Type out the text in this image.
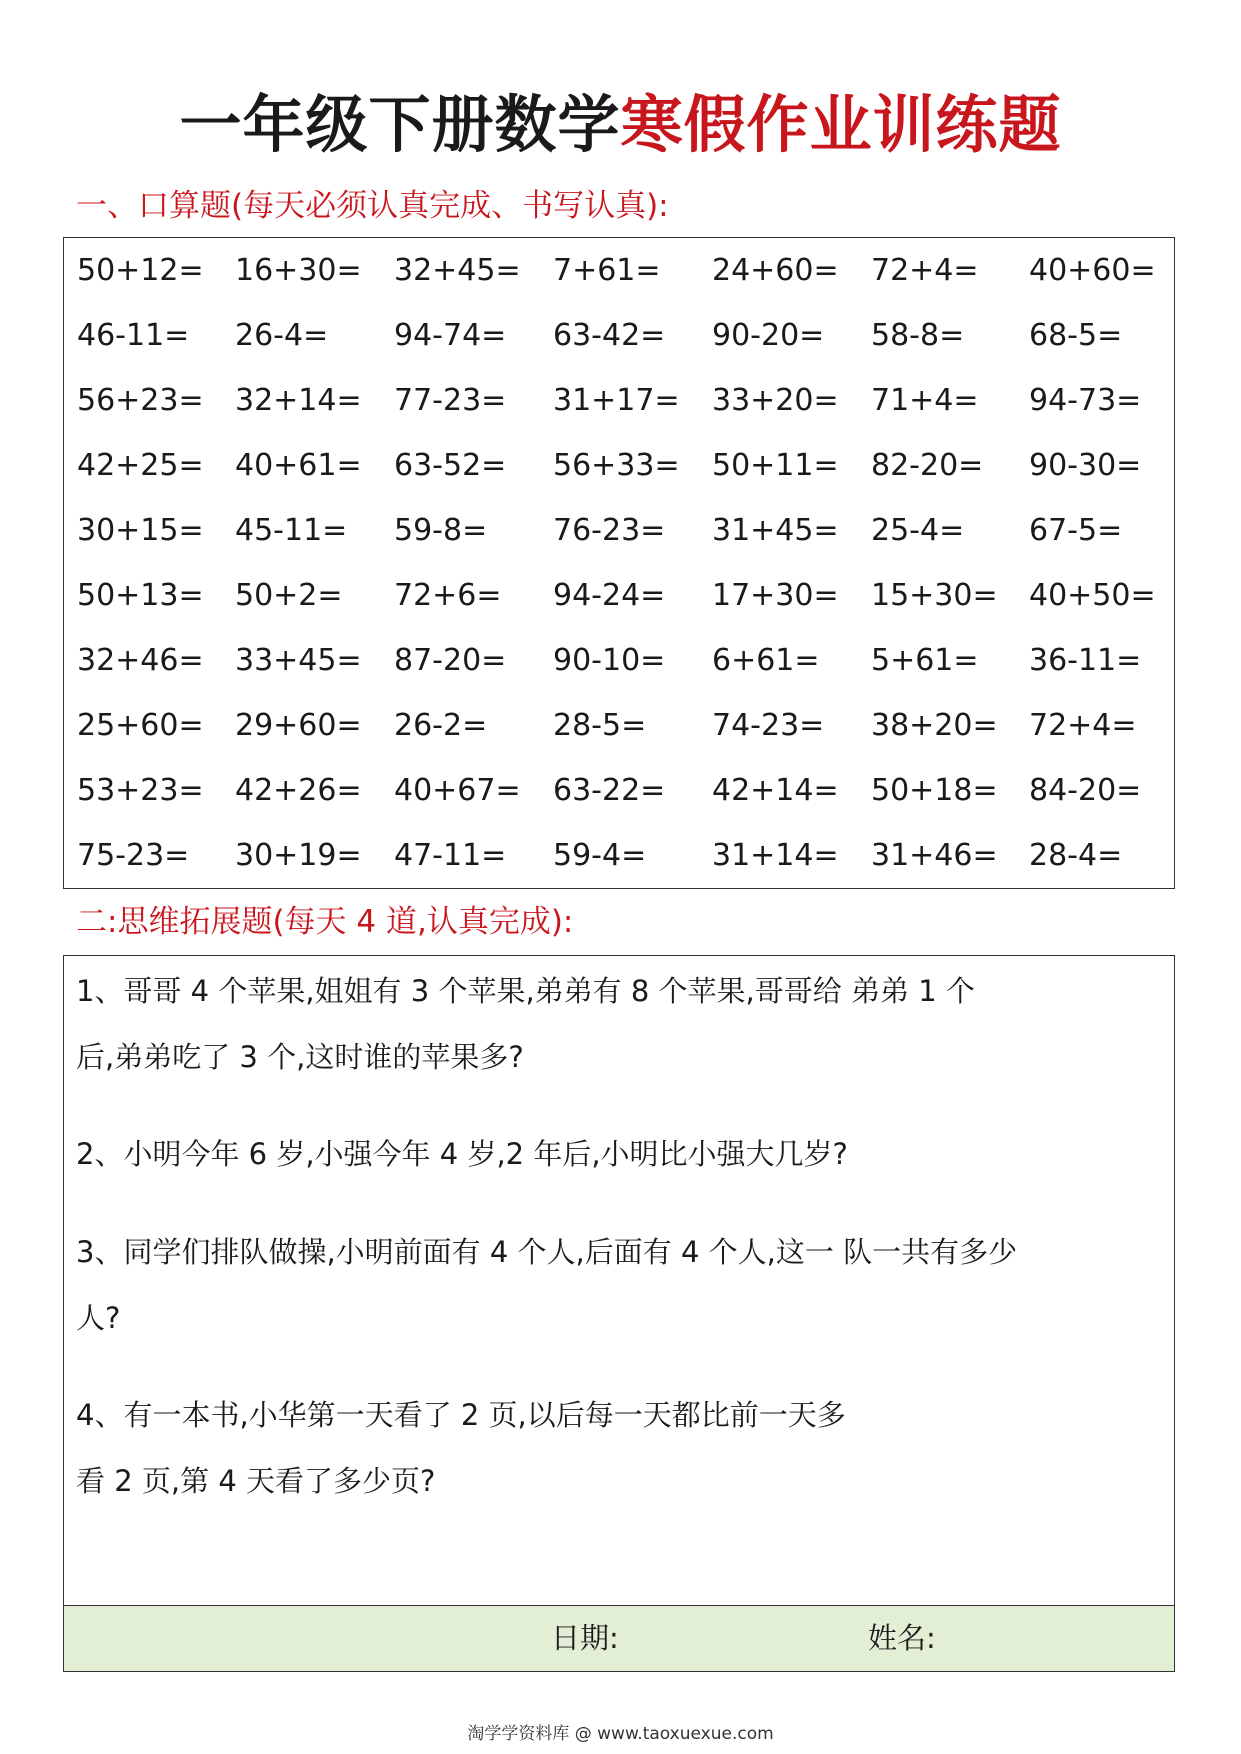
一年级下册数学寒假作业训练题
一、口算题(每天必须认真完成、书写认真):
50+12= 16+30= 32+45= 7+61= 24+60= 72+4= 40+60=
46-11= 26-4= 94-74= 63-42= 90-20= 58-8= 68-5=
56+23= 32+14= 77-23= 31+17= 33+20= 71+4= 94-73=
42+25= 40+61= 63-52= 56+33= 50+11= 82-20= 90-30=
30+15= 45-11= 59-8= 76-23= 31+45= 25-4= 67-5=
50+13= 50+2= 72+6= 94-24= 17+30= 15+30= 40+50=
32+46= 33+45= 87-20= 90-10= 6+61= 5+61= 36-11=
25+60= 29+60= 26-2= 28-5= 74-23= 38+20= 72+4=
53+23= 42+26= 40+67= 63-22= 42+14= 50+18= 84-20=
75-23= 30+19= 47-11= 59-4= 31+14= 31+46= 28-4=
二:思维拓展题(每天 4 道,认真完成):
1、哥哥 4 个苹果,姐姐有 3 个苹果,弟弟有 8 个苹果,哥哥给 弟弟 1 个
后,弟弟吃了 3 个,这时谁的苹果多?
2、小明今年 6 岁,小强今年 4 岁,2 年后,小明比小强大几岁?
3、同学们排队做操,小明前面有 4 个人,后面有 4 个人,这一 队一共有多少
人?
4、有一本书,小华第一天看了 2 页,以后每一天都比前一天多
看 2 页,第 4 天看了多少页?
日期:	姓名:
淘学学资料库 @ www.taoxuexue.com
